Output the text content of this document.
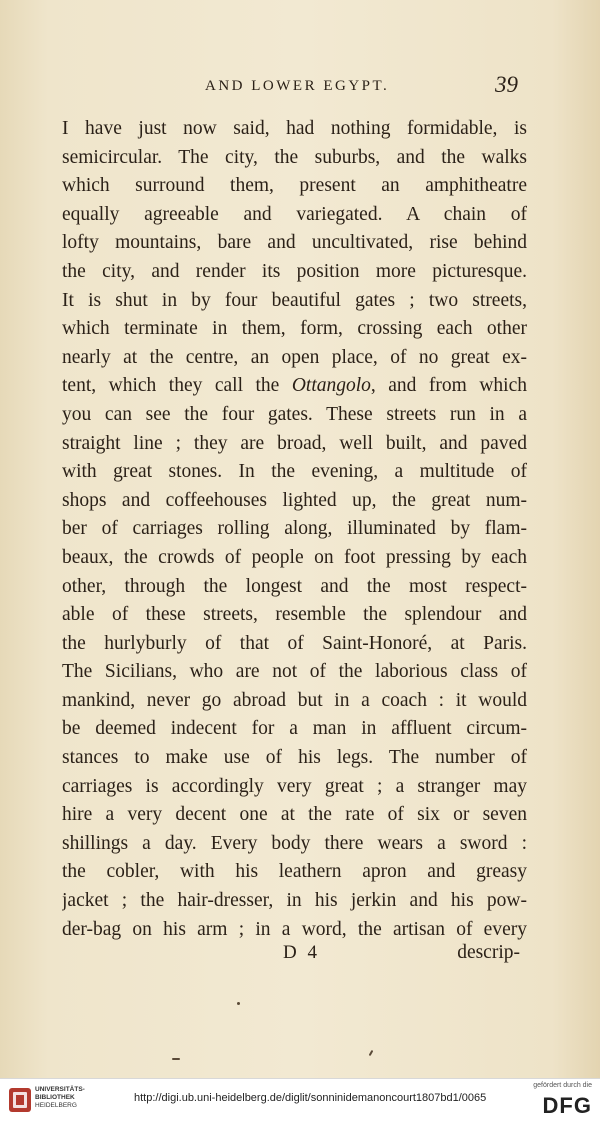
AND LOWER EGYPT.	39
I have just now said, had nothing formidable, is
semicircular. The city, the suburbs, and the walks
which surround them, present an amphitheatre
equally agreeable and variegated. A chain of
lofty mountains, bare and uncultivated, rise behind
the city, and render its position more picturesque.
It is shut in by four beautiful gates ; two streets,
which terminate in them, form, crossing each other
nearly at the centre, an open place, of no great ex-
tent, which they call the Ottangolo, and from which
you can see the four gates. These streets run in a
straight line ; they are broad, well built, and paved
with great stones. In the evening, a multitude of
shops and coffeehouses lighted up, the great num-
ber of carriages rolling along, illuminated by flam-
beaux, the crowds of people on foot pressing by each
other, through the longest and the most respect-
able of these streets, resemble the splendour and
the hurlyburly of that of Saint-Honoré, at Paris.
The Sicilians, who are not of the laborious class of
mankind, never go abroad but in a coach : it would
be deemed indecent for a man in affluent circum-
stances to make use of his legs. The number of
carriages is accordingly very great ; a stranger may
hire a very decent one at the rate of six or seven
shillings a day. Every body there wears a sword :
the cobler, with his leathern apron and greasy
jacket ; the hair-dresser, in his jerkin and his pow-
der-bag on his arm ; in a word, the artisan of every
D 4	descrip-
UNIVERSITÄTS-
BIBLIOTHEK
HEIDELBERG
http://digi.ub.uni-heidelberg.de/diglit/sonninidemanoncourt1807bd1/0065
gefördert durch die
DFG
